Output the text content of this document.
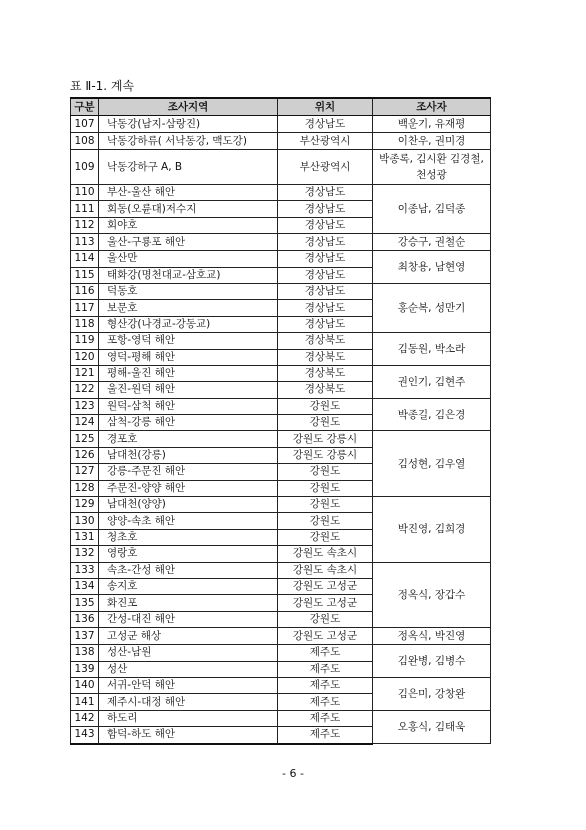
표 Ⅱ-1. 계속
구분	조사지역	위치	조사자
107	낙동강(남지-삼랑진)	경상남도	백운기, 유재평
108	낙동강하류( 서낙동강, 맥도강)	부산광역시	이찬우, 권미경
109	낙동강하구 A, B	부산광역시	박종록, 김시환 김경철, 천성광
110	부산-울산 해안	경상남도	이종남, 김덕종
111	회동(오륜대)저수지	경상남도	
112	회야호	경상남도	
113	울산-구룡포 해안	경상남도	강승구, 권철순
114	울산만	경상남도	최창용, 남현영
115	태화강(명천대교-삼호교)	경상남도	
116	덕동호	경상남도	홍순복, 성만기
117	보문호	경상남도	
118	형산강(나경교-강동교)	경상남도	
119	포항-영덕 해안	경상북도	김동원, 박소라
120	영덕-평해 해안	경상북도	
121	평해-울진 해안	경상북도	권인기, 김현주
122	울진-원덕 해안	경상북도	
123	원덕-삼척 해안	강원도	박종길, 김은경
124	삼척-강릉 해안	강원도	
125	경포호	강원도 강릉시	김성현, 김우열
126	남대천(강릉)	강원도 강릉시	
127	강릉-주문진 해안	강원도	
128	주문진-양양 해안	강원도	
129	남대천(양양)	강원도	박진영, 김희경
130	양양-속초 해안	강원도	
131	청초호	강원도	
132	영랑호	강원도 속초시	
133	속초-간성 해안	강원도 속초시	정옥식, 장갑수
134	송지호	강원도 고성군	
135	화진포	강원도 고성군	
136	간성-대진 해안	강원도	
137	고성군 해상	강원도 고성군	정옥식, 박진영
138	성산-남원	제주도	김완병, 김병수
139	성산	제주도	
140	서귀-안덕 해안	제주도	김은미, 강창완
141	제주시-대정 해안	제주도	
142	하도리	제주도	오홍식, 김태욱
143	함덕-하도 해안	제주도	
- 6 -
